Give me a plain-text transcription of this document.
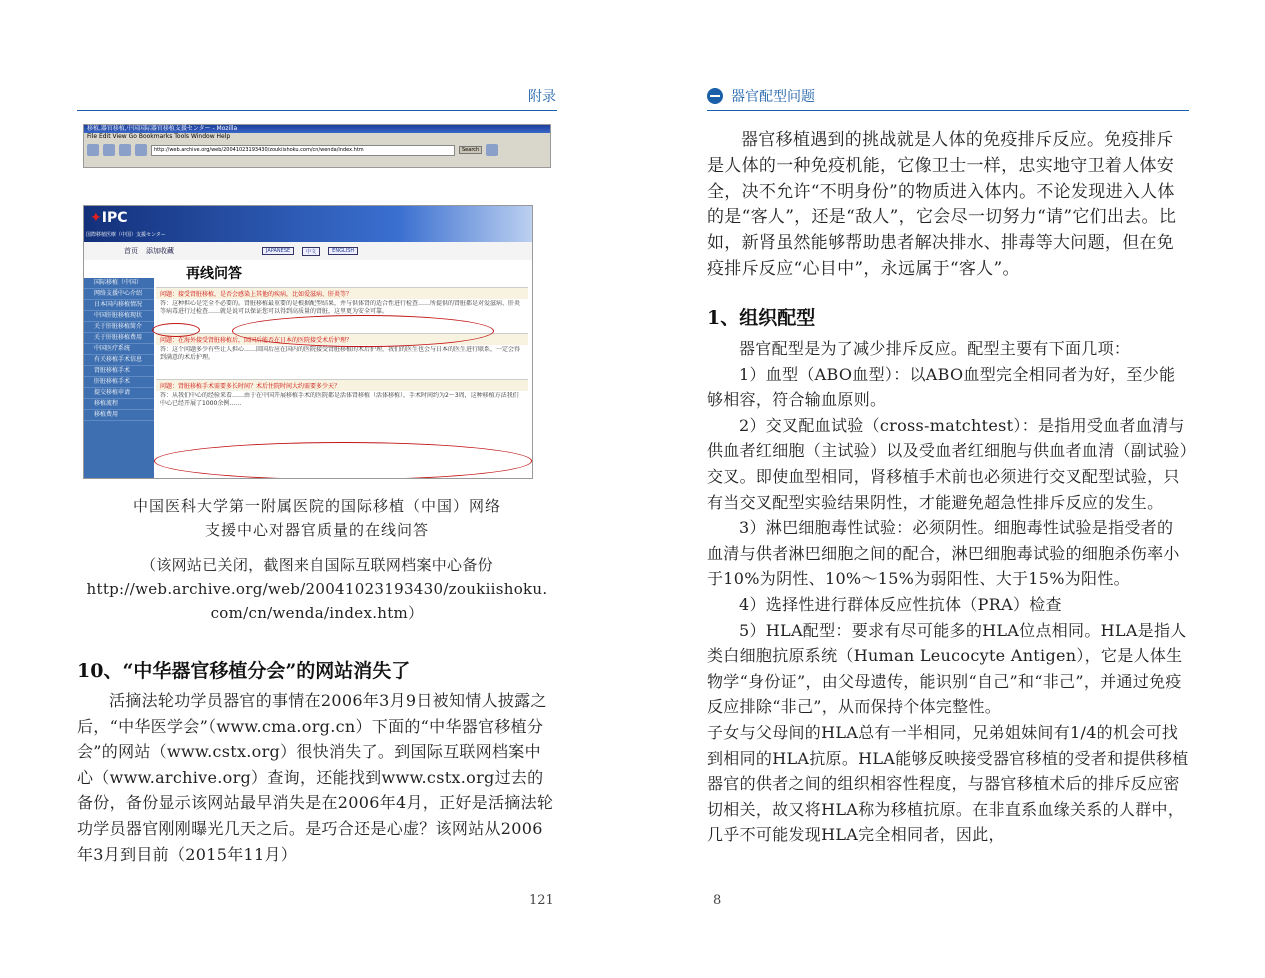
附录
移植,器官移植,中国国际器官移植支援センター - Mozilla
File Edit View Go Bookmarks Tools Window Help
http://web.archive.org/web/20041023193430/zoukiishoku.com/cn/wenda/index.htm	Search
✦IPC
国際移植医療（中国）支援センター
首页 添加收藏	JAPANESE	中文	ENGLISH
国际移植（中国）
网络支援中心介绍
日本国内移植情况
中国肝脏移植现状
关于肝脏移植简介
关于肝脏移植费用
中国医疗系统
有关移植手术信息
肾脏移植手术
肝脏移植手术
提交移植申请
移植流程
移植费用
再线问答
问题：接受肾脏移植，是否会感染上其他的疾病，比如爱滋病、肝炎等？
答：这种担心是完全不必要的。肾脏移植最重要的是根据配型结果，并与供体肾的适合性进行检查……所提供的肾脏都是对爱滋病、肝炎等病毒进行过检查……就是说可以保证您可以得到高质量的肾脏，这里更为安全可靠。
问题：在海外接受肾脏移植后，回国后能否在日本的医院接受术后护理？
答：这个问题多少有些让人担心……回国后应在国内的医院接受肾脏移植的术后护理，我们的医生也会与日本的医生进行联系，一定会得到满意的术后护理。
问题：肾脏移植手术需要多长时间？术后住院时间大约需要多少天？
答：从我们中心的经验来看……由于在中国开展移植手术的医院都是活体肾移植（活体移植），手术时间约为2～3周，这种移植方法我们中心已经开展了1000余例……
中国医科大学第一附属医院的国际移植（中国）网络
支援中心对器官质量的在线问答
（该网站已关闭，截图来自国际互联网档案中心备份
http://web.archive.org/web/20041023193430/zoukiishoku.
com/cn/wenda/index.htm）
10、“中华器官移植分会”的网站消失了
活摘法轮功学员器官的事情在2006年3月9日被知情人披露之后，“中华医学会”（www.cma.org.cn）下面的“中华器官移植分会”的网站（www.cstx.org）很快消失了。到国际互联网档案中心（www.archive.org）查询，还能找到www.cstx.org过去的备份，备份显示该网站最早消失是在2006年4月，正好是活摘法轮功学员器官刚刚曝光几天之后。是巧合还是心虚？该网站从2006年3月到目前（2015年11月）
121
器官配型问题
器官移植遇到的挑战就是人体的免疫排斥反应。免疫排斥是人体的一种免疫机能，它像卫士一样，忠实地守卫着人体安全，决不允许“不明身份”的物质进入体内。不论发现进入人体的是“客人”，还是“敌人”，它会尽一切努力“请”它们出去。比如，新肾虽然能够帮助患者解决排水、排毒等大问题，但在免疫排斥反应“心目中”，永远属于“客人”。
1、组织配型
器官配型是为了减少排斥反应。配型主要有下面几项：
1）血型（ABO血型）：以ABO血型完全相同者为好，至少能够相容，符合输血原则。
2）交叉配血试验（cross-matchtest）：是指用受血者血清与供血者红细胞（主试验）以及受血者红细胞与供血者血清（副试验）交叉。即使血型相同，肾移植手术前也必须进行交叉配型试验，只有当交叉配型实验结果阴性，才能避免超急性排斥反应的发生。
3）淋巴细胞毒性试验：必须阴性。细胞毒性试验是指受者的血清与供者淋巴细胞之间的配合，淋巴细胞毒试验的细胞杀伤率小于10%为阴性、10%～15%为弱阳性、大于15%为阳性。
4）选择性进行群体反应性抗体（PRA）检查
5）HLA配型：要求有尽可能多的HLA位点相同。HLA是指人类白细胞抗原系统（Human Leucocyte Antigen），它是人体生物学“身份证”，由父母遗传，能识别“自己”和“非己”，并通过免疫反应排除“非己”，从而保持个体完整性。
子女与父母间的HLA总有一半相同，兄弟姐妹间有1/4的机会可找到相同的HLA抗原。HLA能够反映接受器官移植的受者和提供移植器官的供者之间的组织相容性程度，与器官移植术后的排斥反应密切相关，故又将HLA称为移植抗原。在非直系血缘关系的人群中，几乎不可能发现HLA完全相同者，因此，
8
